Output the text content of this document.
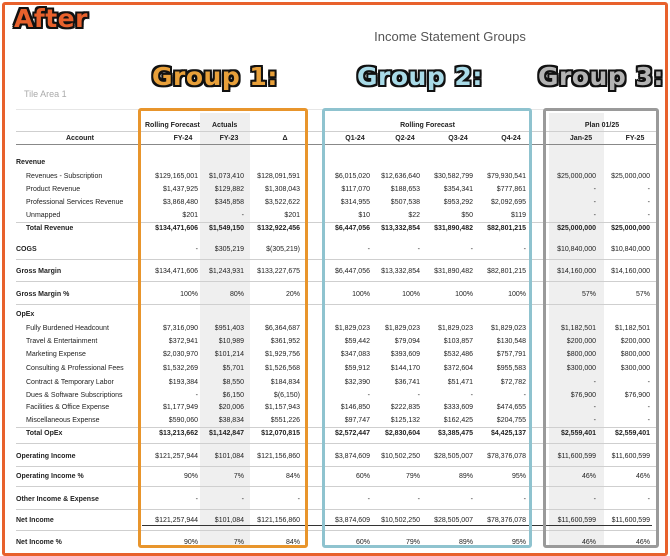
After
Income Statement Groups
Tile Area 1
Rolling Forecast Actuals	Rolling Forecast	Plan 01/25
Account	FY-24	FY-23	Δ	Q1-24	Q2-24	Q3-24	Q4-24	Jan-25	FY-25
Revenue
Revenues - Subscription	$129,165,001	$1,073,410	$128,091,591	$6,015,020	$12,636,640	$30,582,799	$79,930,541	$25,000,000	$25,000,000
Product Revenue	$1,437,925	$129,882	$1,308,043	$117,070	$188,653	$354,341	$777,861	-	-
Professional Services Revenue	$3,868,480	$345,858	$3,522,622	$314,955	$507,538	$953,292	$2,092,695	-	-
Unmapped	$201	-	$201	$10	$22	$50	$119	-	-
Total Revenue	$134,471,606	$1,549,150	$132,922,456	$6,447,056	$13,332,854	$31,890,482	$82,801,215	$25,000,000	$25,000,000
COGS	-	$305,219	$(305,219)	-	-	-	-	$10,840,000	$10,840,000
Gross Margin	$134,471,606	$1,243,931	$133,227,675	$6,447,056	$13,332,854	$31,890,482	$82,801,215	$14,160,000	$14,160,000
Gross Margin %	100%	80%	20%	100%	100%	100%	100%	57%	57%
OpEx
Fully Burdened Headcount	$7,316,090	$951,403	$6,364,687	$1,829,023	$1,829,023	$1,829,023	$1,829,023	$1,182,501	$1,182,501
Travel & Entertainment	$372,941	$10,989	$361,952	$59,442	$79,094	$103,857	$130,548	$200,000	$200,000
Marketing Expense	$2,030,970	$101,214	$1,929,756	$347,083	$393,609	$532,486	$757,791	$800,000	$800,000
Consulting & Professional Fees	$1,532,269	$5,701	$1,526,568	$59,912	$144,170	$372,604	$955,583	$300,000	$300,000
Contract & Temporary Labor	$193,384	$8,550	$184,834	$32,390	$36,741	$51,471	$72,782	-	-
Dues & Software Subscriptions	-	$6,150	$(6,150)	-	-	-	-	$76,900	$76,900
Facilities & Office Expense	$1,177,949	$20,006	$1,157,943	$146,850	$222,835	$333,609	$474,655	-	-
Miscellaneous Expense	$590,060	$38,834	$551,226	$97,747	$125,132	$162,425	$204,755	-	-
Total OpEx	$13,213,662	$1,142,847	$12,070,815	$2,572,447	$2,830,604	$3,385,475	$4,425,137	$2,559,401	$2,559,401
Operating Income	$121,257,944	$101,084	$121,156,860	$3,874,609	$10,502,250	$28,505,007	$78,376,078	$11,600,599	$11,600,599
Operating Income %	90%	7%	84%	60%	79%	89%	95%	46%	46%
Other Income & Expense	-	-	-	-	-	-	-	-	-
Net Income	$121,257,944	$101,084	$121,156,860	$3,874,609	$10,502,250	$28,505,007	$78,376,078	$11,600,599	$11,600,599
Net Income %	90%	7%	84%	60%	79%	89%	95%	46%	46%
Group 1:	Group 2: Group 3:
